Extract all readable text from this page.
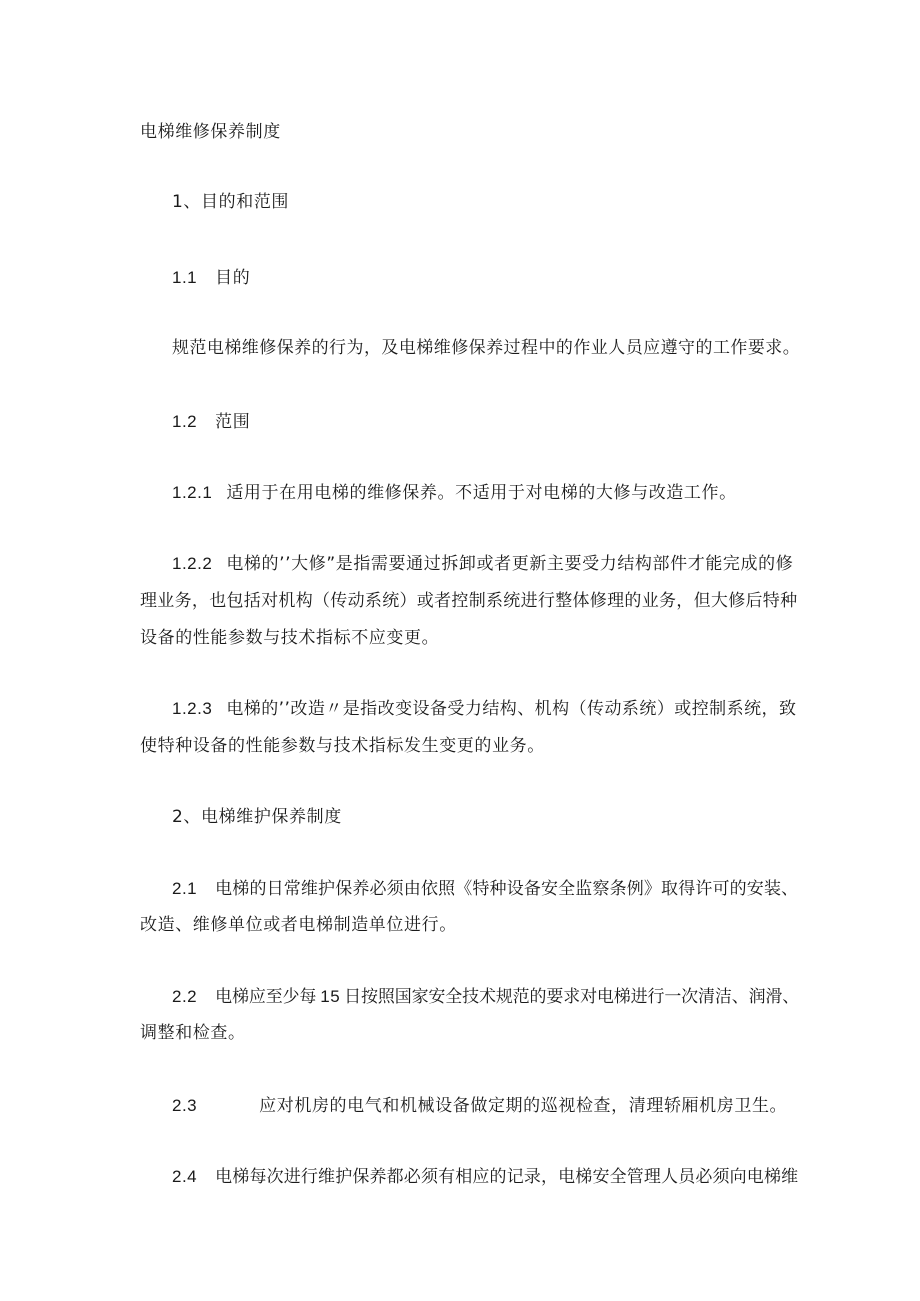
电梯维修保养制度
1、目的和范围
1.1 目的
规范电梯维修保养的行为，及电梯维修保养过程中的作业人员应遵守的工作要求。
1.2 范围
1.2.1 适用于在用电梯的维修保养。不适用于对电梯的大修与改造工作。
1.2.2 电梯的’’大修”是指需要通过拆卸或者更新主要受力结构部件才能完成的修
理业务，也包括对机构（传动系统）或者控制系统进行整体修理的业务，但大修后特种
设备的性能参数与技术指标不应变更。
1.2.3 电梯的’’改造〃是指改变设备受力结构、机构（传动系统）或控制系统，致
使特种设备的性能参数与技术指标发生变更的业务。
2、电梯维护保养制度
2.1 电梯的日常维护保养必须由依照《特种设备安全监察条例》取得许可的安装、
改造、维修单位或者电梯制造单位进行。
2.2 电梯应至少每 15 日按照国家安全技术规范的要求对电梯进行一次清洁、润滑、
调整和检查。
2.3	应对机房的电气和机械设备做定期的巡视检查，清理轿厢机房卫生。
2.4 电梯每次进行维护保养都必须有相应的记录，电梯安全管理人员必须向电梯维
